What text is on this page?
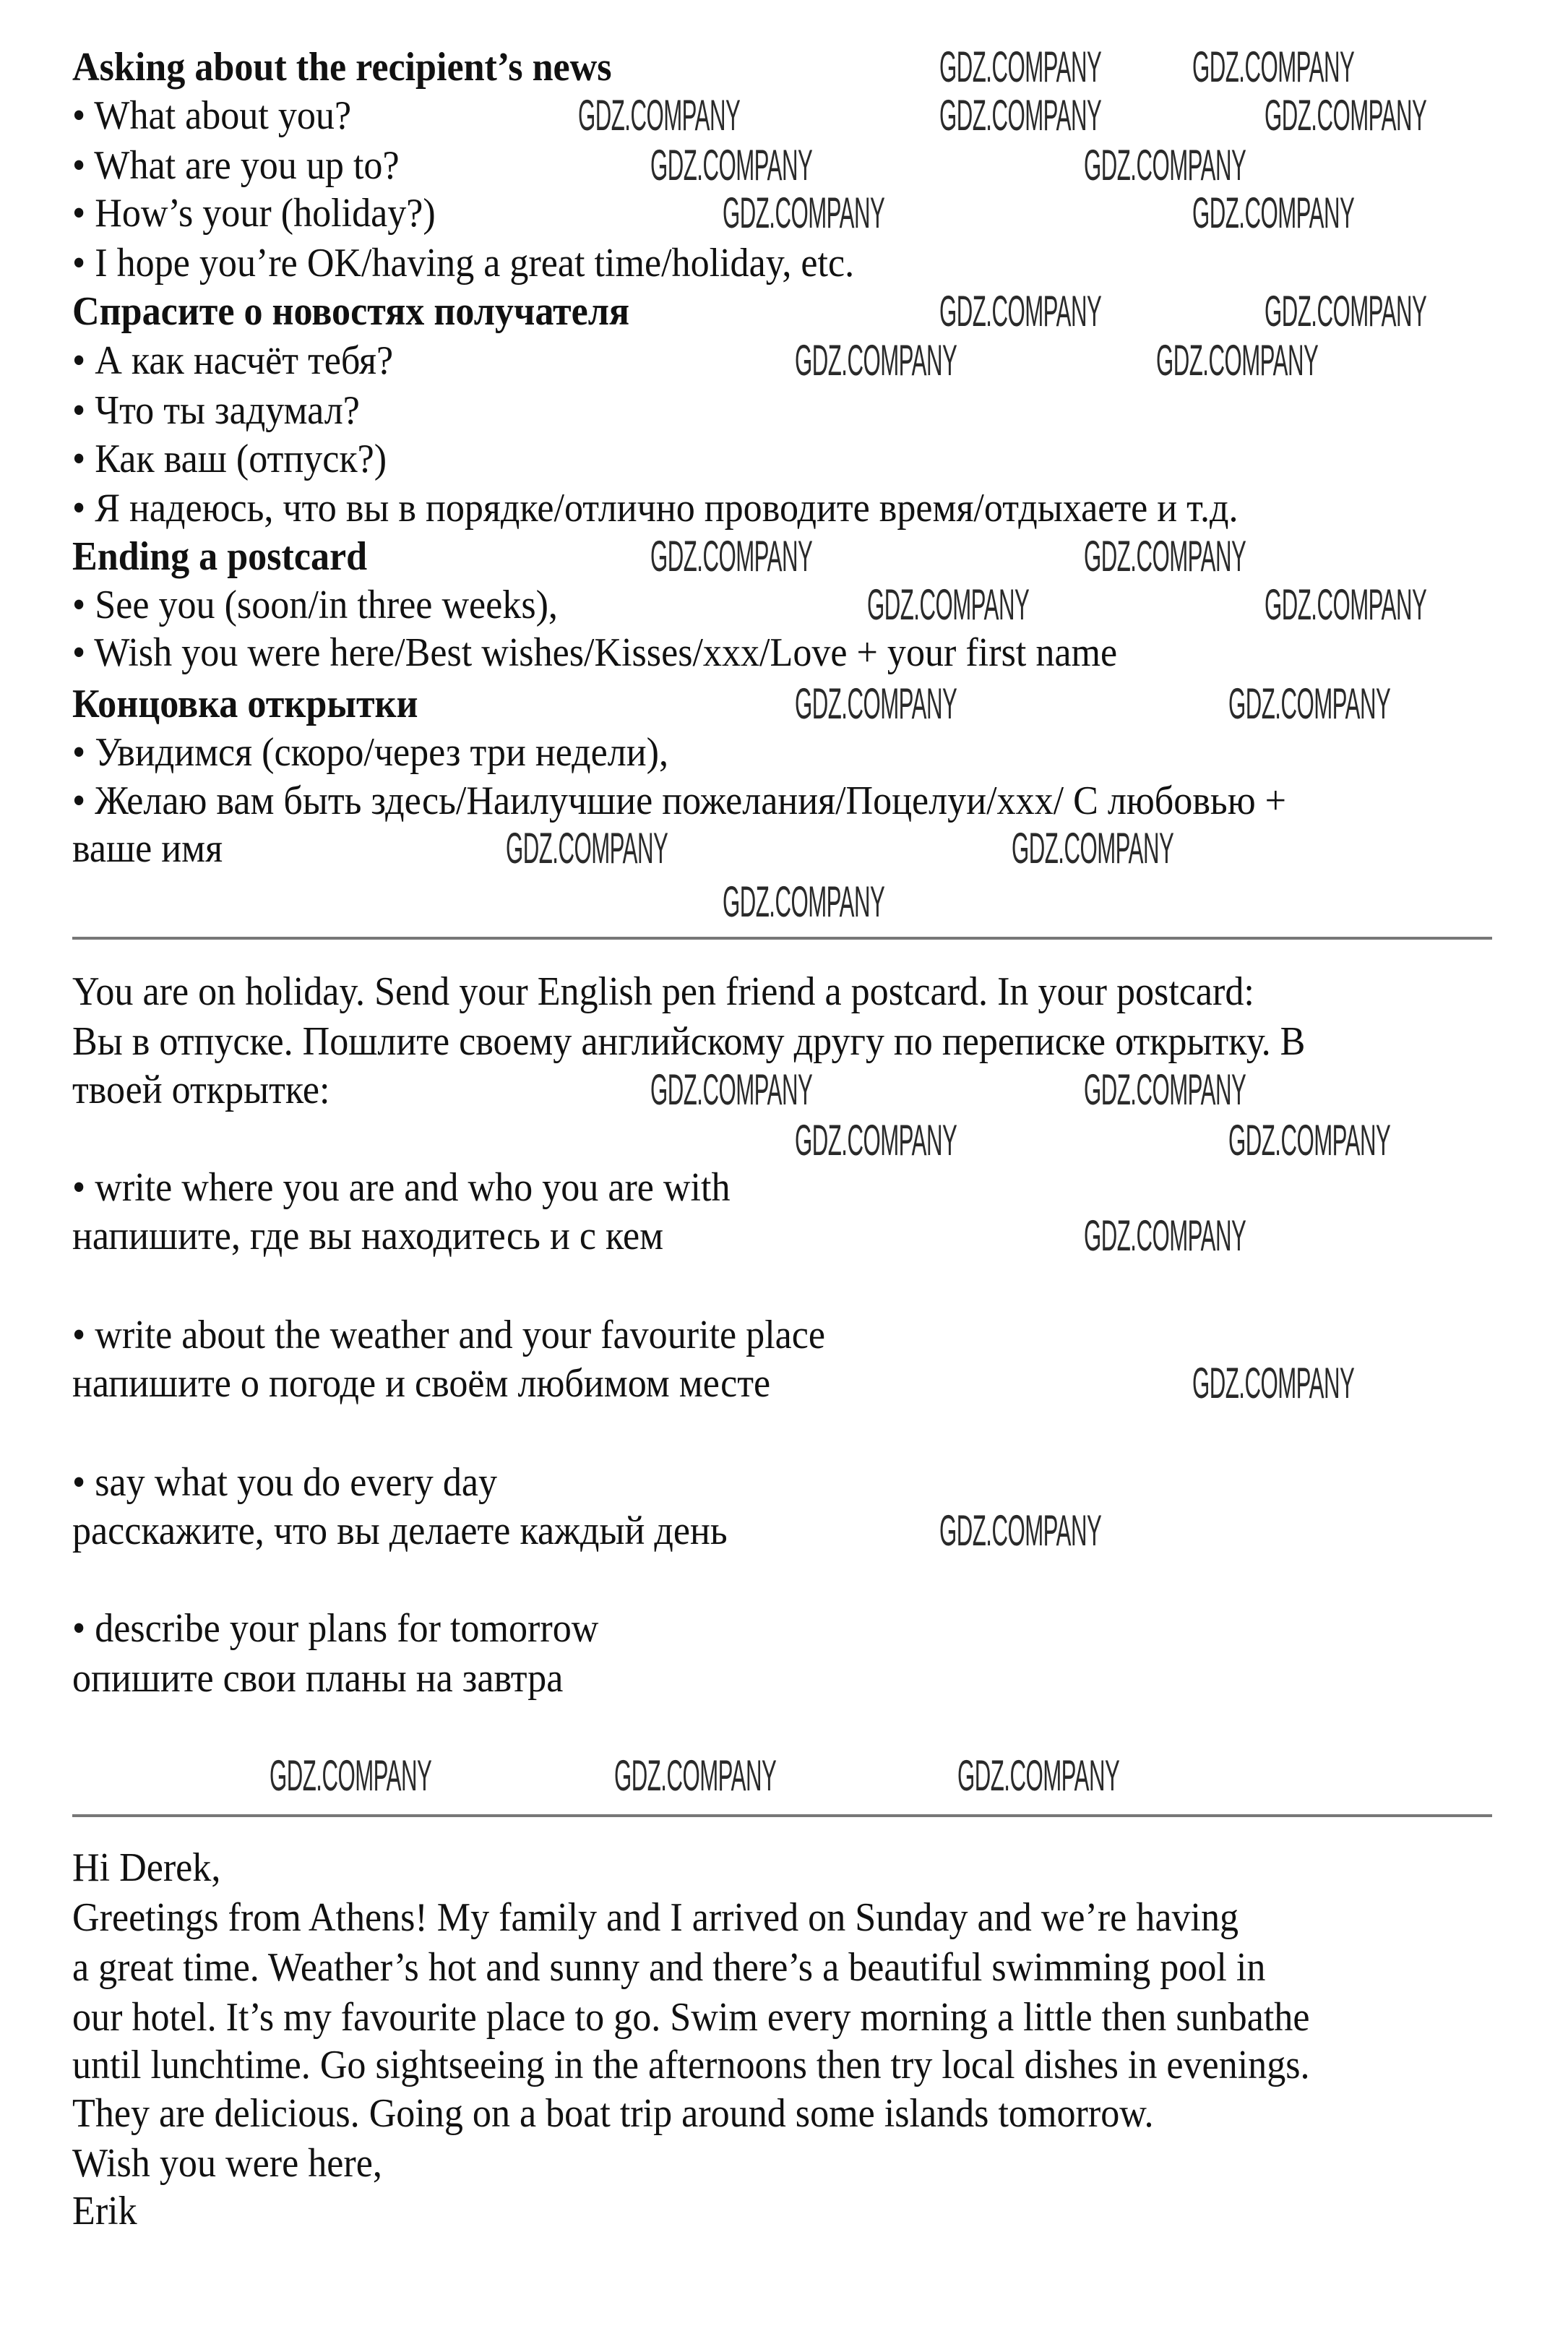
Asking about the recipient’s news
• What about you?
• What are you up to?
• How’s your (holiday?)
• I hope you’re OK/having a great time/holiday, etc.
Спрасите о новостях получателя
• А как насчёт тебя?
• Что ты задумал?
• Как ваш (отпуск?)
• Я надеюсь, что вы в порядке/отлично проводите время/отдыхаете и т.д.
Ending a postcard
• See you (soon/in three weeks),
• Wish you were here/Best wishes/Kisses/xxx/Love + your first name
Концовка открытки
• Увидимся (скоро/через три недели),
• Желаю вам быть здесь/Наилучшие пожелания/Поцелуи/xxx/ С любовью +
ваше имя
You are on holiday. Send your English pen friend a postcard. In your postcard:
Вы в отпуске. Пошлите своему английскому другу по переписке открытку. В
твоей открытке:
• write where you are and who you are with
напишите, где вы находитесь и с кем
• write about the weather and your favourite place
напишите о погоде и своём любимом месте
• say what you do every day
расскажите, что вы делаете каждый день
• describe your plans for tomorrow
опишите свои планы на завтра
Hi Derek,
Greetings from Athens! My family and I arrived on Sunday and we’re having
a great time. Weather’s hot and sunny and there’s a beautiful swimming pool in
our hotel. It’s my favourite place to go. Swim every morning a little then sunbathe
until lunchtime. Go sightseeing in the afternoons then try local dishes in evenings.
They are delicious. Going on a boat trip around some islands tomorrow.
Wish you were here,
Erik
GDZ.COMPANY GDZ.COMPANY
GDZ.COMPANY	GDZ.COMPANY	GDZ.COMPANY
GDZ.COMPANY	GDZ.COMPANY
GDZ.COMPANY	GDZ.COMPANY
GDZ.COMPANY	GDZ.COMPANY
GDZ.COMPANY	GDZ.COMPANY
GDZ.COMPANY	GDZ.COMPANY
GDZ.COMPANY	GDZ.COMPANY
GDZ.COMPANY	GDZ.COMPANY
GDZ.COMPANY	GDZ.COMPANY
GDZ.COMPANY
GDZ.COMPANY	GDZ.COMPANY
GDZ.COMPANY	GDZ.COMPANY
GDZ.COMPANY
GDZ.COMPANY
GDZ.COMPANY
GDZ.COMPANY	GDZ.COMPANY	GDZ.COMPANY
